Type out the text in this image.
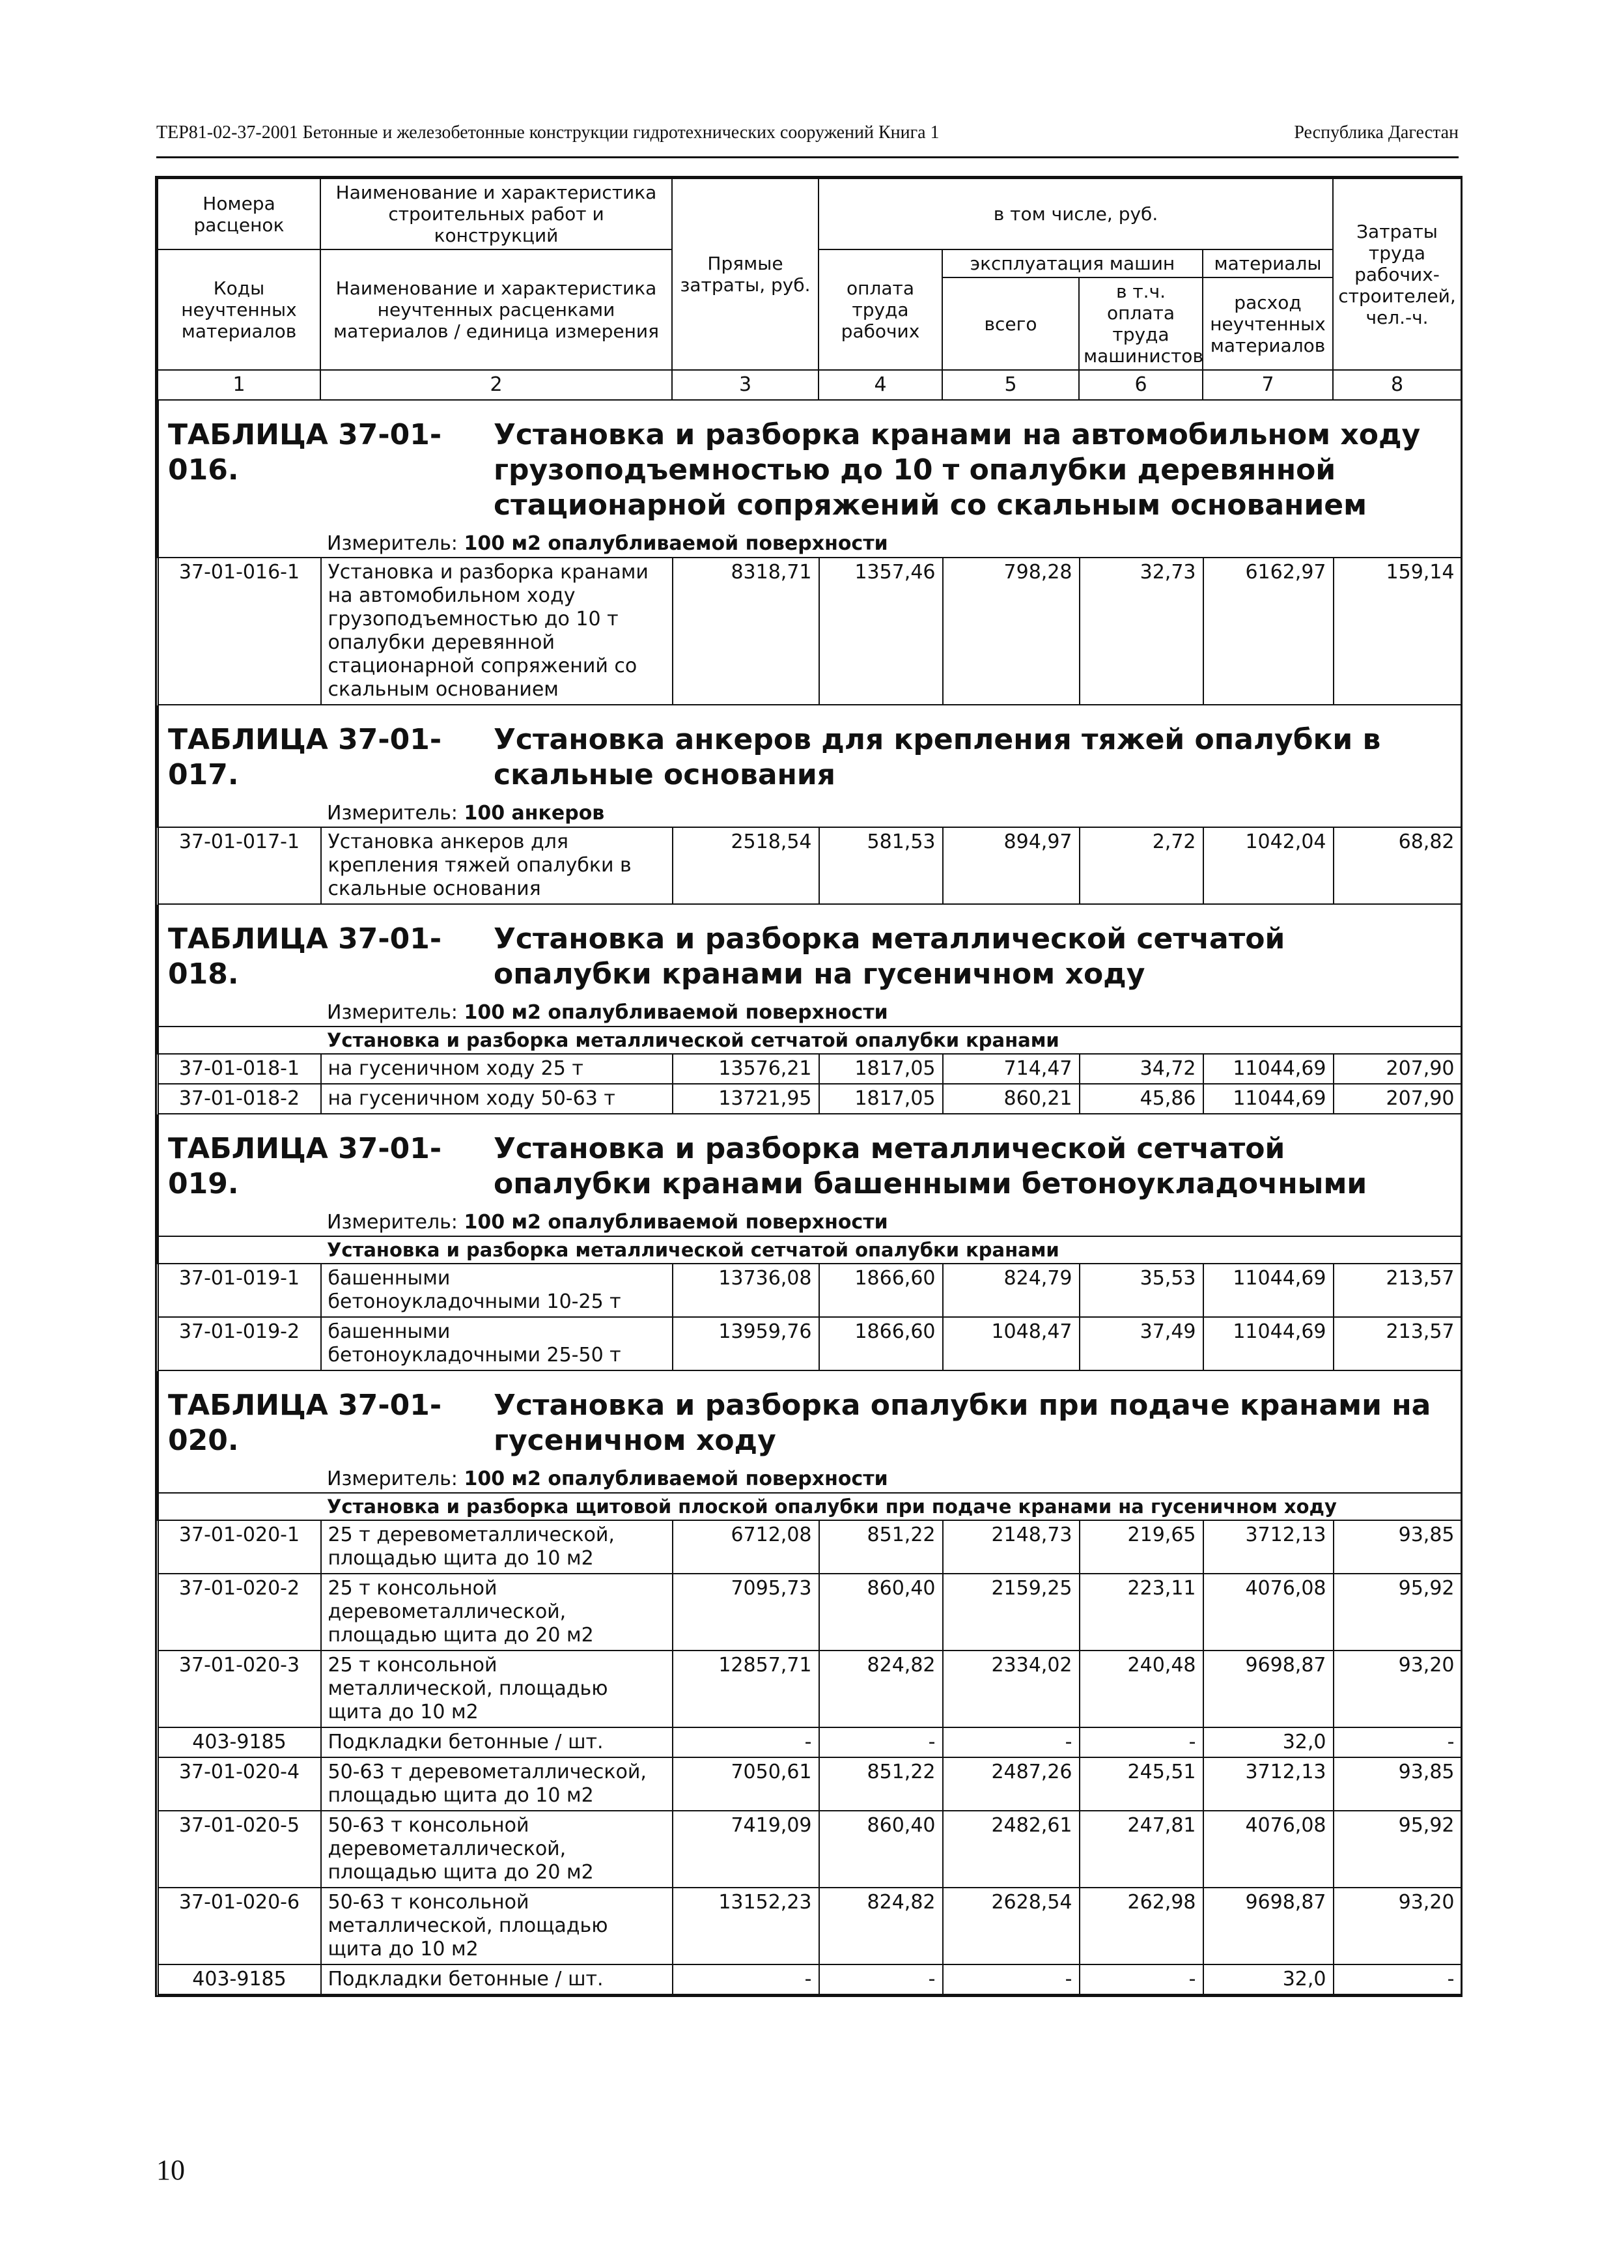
ТЕР81-02-37-2001 Бетонные и железобетонные конструкции гидротехнических сооружений Книга 1	Республика Дагестан
Номера расценок	Наименование и характеристика строительных работ и конструкций	Прямые затраты, руб.	в том числе, руб.				Затраты труда рабочих-строителей, чел.-ч.
Коды неучтенных материалов	Наименование и характеристика неучтенных расценками материалов / единица измерения		оплата труда рабочих	эксплуатация машин		материалы	
				всего	в т.ч. оплата труда машинистов	расход неучтенных материалов	
1	2	3	4	5	6	7	8
ТАБЛИЦА 37-01-016.Установка и разборка кранами на автомобильном ходу грузоподъемностью до 10 т опалубки деревянной стационарной сопряжений со скальным основанием
Измеритель: 100 м2 опалубливаемой поверхности
37-01-016-1	Установка и разборка кранами на автомобильном ходу грузоподъемностью до 10 т опалубки деревянной стационарной сопряжений со скальным основанием	8318,71	1357,46	798,28	32,73	6162,97	159,14
ТАБЛИЦА 37-01-017.Установка анкеров для крепления тяжей опалубки в скальные основания
Измеритель: 100 анкеров
37-01-017-1	Установка анкеров для крепления тяжей опалубки в скальные основания	2518,54	581,53	894,97	2,72	1042,04	68,82
ТАБЛИЦА 37-01-018.Установка и разборка металлической сетчатой опалубки кранами на гусеничном ходу							
Измеритель: 100 м2 опалубливаемой поверхности							
Установка и разборка металлической сетчатой опалубки кранами							
37-01-018-1	на гусеничном ходу 25 т	13576,21	1817,05	714,47	34,72	11044,69	207,90
37-01-018-2	на гусеничном ходу 50-63 т	13721,95	1817,05	860,21	45,86	11044,69	207,90
ТАБЛИЦА 37-01-019.Установка и разборка металлической сетчатой опалубки кранами башенными бетоноукладочными							
Измеритель: 100 м2 опалубливаемой поверхности							
Установка и разборка металлической сетчатой опалубки кранами							
37-01-019-1	башенными бетоноукладочными 10-25 т	13736,08	1866,60	824,79	35,53	11044,69	213,57
37-01-019-2	башенными бетоноукладочными 25-50 т	13959,76	1866,60	1048,47	37,49	11044,69	213,57
ТАБЛИЦА 37-01-020.Установка и разборка опалубки при подаче кранами на гусеничном ходу							
Измеритель: 100 м2 опалубливаемой поверхности							
Установка и разборка щитовой плоской опалубки при подаче кранами на гусеничном ходу							
37-01-020-1	25 т деревометаллической, площадью щита до 10 м2	6712,08	851,22	2148,73	219,65	3712,13	93,85
37-01-020-2	25 т консольной деревометаллической, площадью щита до 20 м2	7095,73	860,40	2159,25	223,11	4076,08	95,92
37-01-020-3	25 т консольной металлической, площадью щита до 10 м2	12857,71	824,82	2334,02	240,48	9698,87	93,20
403-9185	Подкладки бетонные / шт.	-	-	-	-	32,0	-
37-01-020-4	50-63 т деревометаллической, площадью щита до 10 м2	7050,61	851,22	2487,26	245,51	3712,13	93,85
37-01-020-5	50-63 т консольной деревометаллической, площадью щита до 20 м2	7419,09	860,40	2482,61	247,81	4076,08	95,92
37-01-020-6	50-63 т консольной металлической, площадью щита до 10 м2	13152,23	824,82	2628,54	262,98	9698,87	93,20
403-9185	Подкладки бетонные / шт.	-	-	-	-	32,0	-
10
